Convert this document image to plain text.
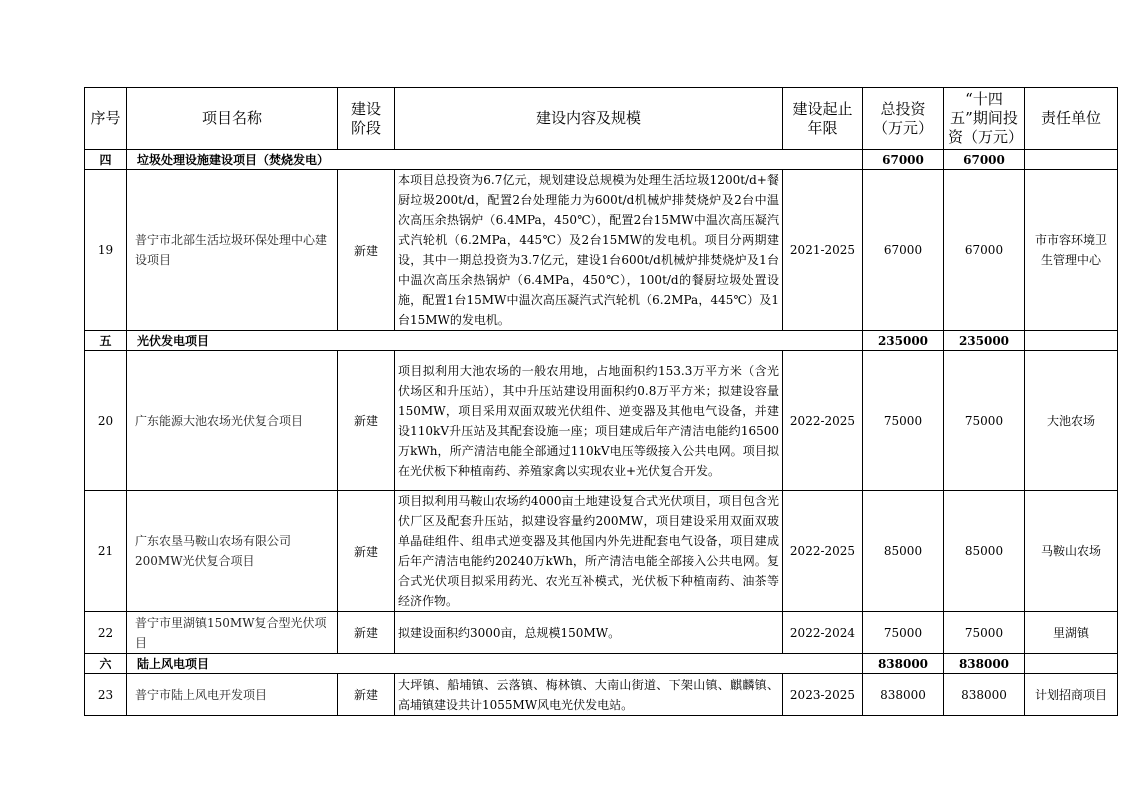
序号	项目名称	建设阶段	建设内容及规模	建设起止年限	总投资（万元）	“十四五”期间投资（万元）	责任单位
四	垃圾处理设施建设项目（焚烧发电）				67000	67000	
19	普宁市北部生活垃圾环保处理中心建设项目	新建	本项目总投资为6.7亿元，规划建设总规模为处理生活垃圾1200t/d+餐厨垃圾200t/d，配置2台处理能力为600t/d机械炉排焚烧炉及2台中温次高压余热锅炉（6.4MPa，450℃），配置2台15MW中温次高压凝汽式汽轮机（6.2MPa，445℃）及2台15MW的发电机。项目分两期建设，其中一期总投资为3.7亿元，建设1台600t/d机械炉排焚烧炉及1台中温次高压余热锅炉（6.4MPa，450℃），100t/d的餐厨垃圾处置设施，配置1台15MW中温次高压凝汽式汽轮机（6.2MPa，445℃）及1台15MW的发电机。	2021-2025	67000	67000	市市容环境卫生管理中心
五	光伏发电项目				235000	235000	
20	广东能源大池农场光伏复合项目	新建	项目拟利用大池农场的一般农用地，占地面积约153.3万平方米（含光伏场区和升压站），其中升压站建设用面积约0.8万平方米；拟建设容量150MW，项目采用双面双玻光伏组件、逆变器及其他电气设备，并建设110kV升压站及其配套设施一座；项目建成后年产清洁电能约16500万kWh，所产清洁电能全部通过110kV电压等级接入公共电网。项目拟在光伏板下种植南药、养殖家禽以实现农业+光伏复合开发。	2022-2025	75000	75000	大池农场
21	广东农垦马鞍山农场有限公司200MW光伏复合项目	新建	项目拟利用马鞍山农场约4000亩土地建设复合式光伏项目，项目包含光伏厂区及配套升压站，拟建设容量约200MW，项目建设采用双面双玻单晶硅组件、组串式逆变器及其他国内外先进配套电气设备，项目建成后年产清洁电能约20240万kWh，所产清洁电能全部接入公共电网。复合式光伏项目拟采用药光、农光互补模式，光伏板下种植南药、油茶等经济作物。	2022-2025	85000	85000	马鞍山农场
22	普宁市里湖镇150MW复合型光伏项目	新建	拟建设面积约3000亩，总规模150MW。	2022-2024	75000	75000	里湖镇
六	陆上风电项目				838000	838000	
23	普宁市陆上风电开发项目	新建	大坪镇、船埔镇、云落镇、梅林镇、大南山街道、下架山镇、麒麟镇、高埔镇建设共计1055MW风电光伏发电站。	2023-2025	838000	838000	计划招商项目
